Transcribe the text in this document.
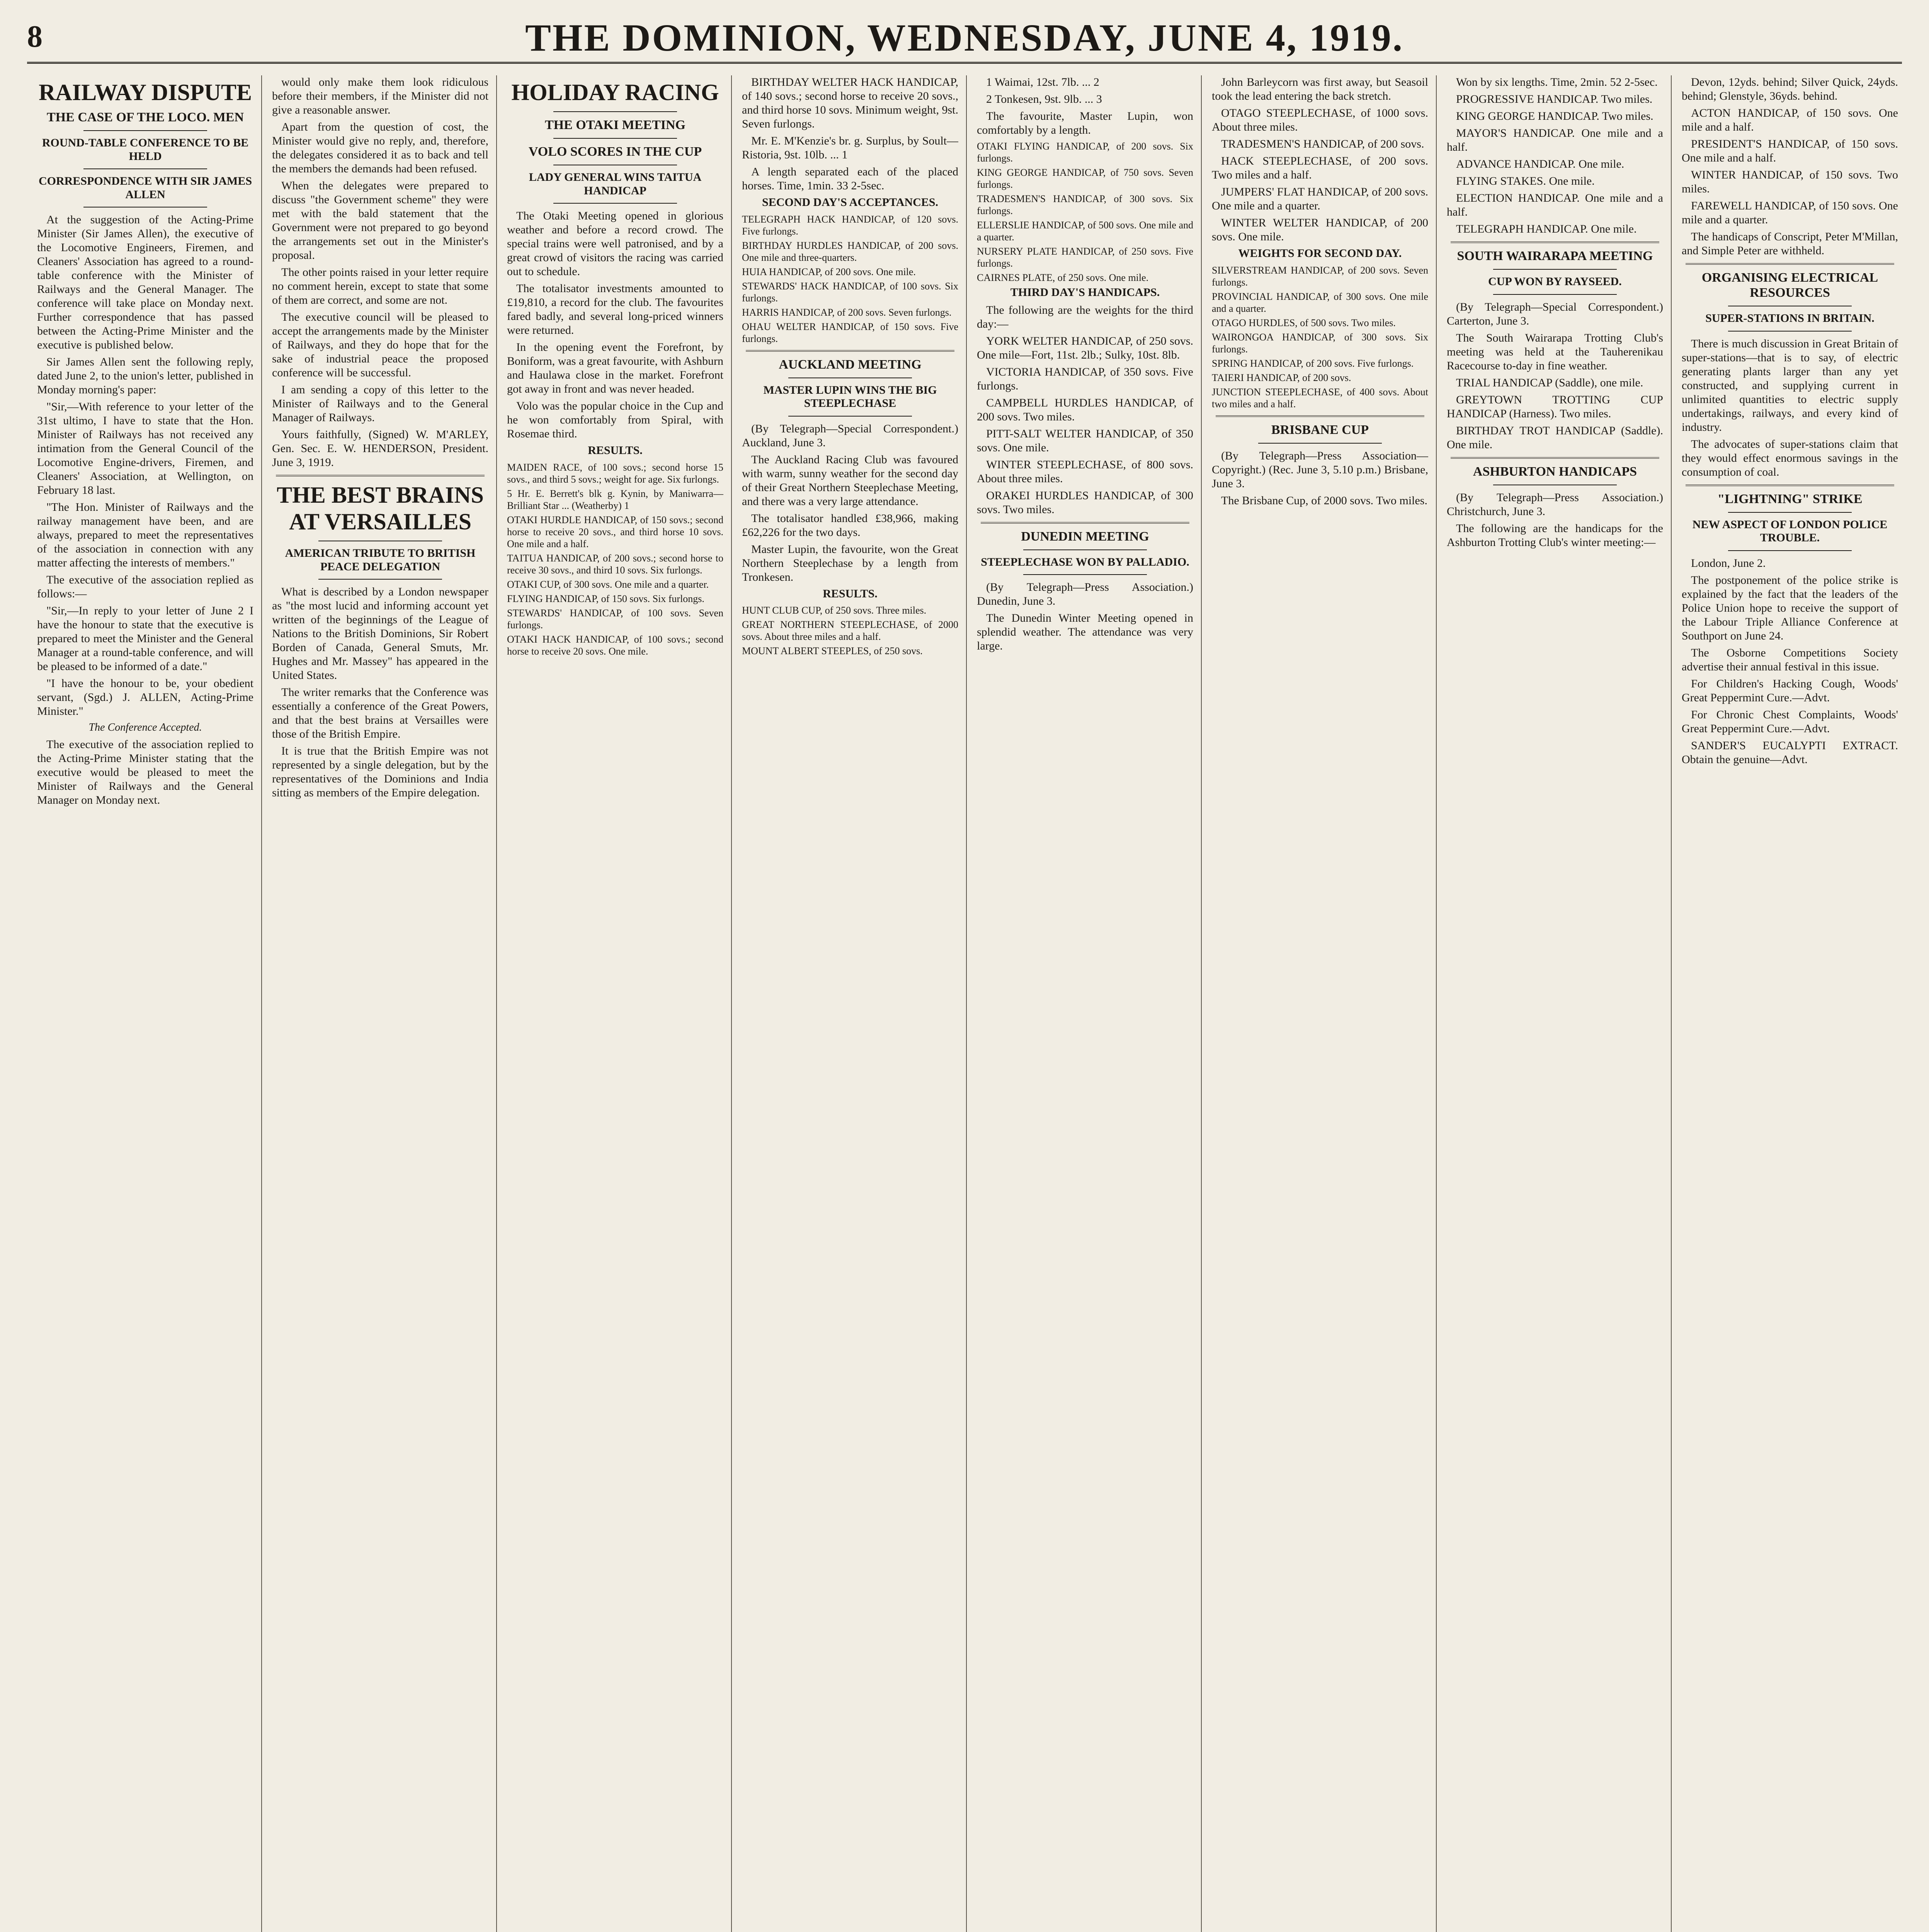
8	THE DOMINION, WEDNESDAY, JUNE 4, 1919.
RAILWAY DISPUTE
THE CASE OF THE LOCO. MEN
ROUND-TABLE CONFERENCE TO BE HELD
CORRESPONDENCE WITH SIR JAMES ALLEN

At the suggestion of the Acting-Prime Minister (Sir James Allen), the executive of the Locomotive Engineers, Firemen, and Cleaners' Association has agreed to a round-table conference with the Minister of Railways and the General Manager. The conference will take place on Monday next. Further correspondence that has passed between the Acting-Prime Minister and the executive is published below.

Sir James Allen sent the following reply, dated June 2, to the union's letter, published in Monday morning's paper:

"Sir,—With reference to your letter of the 31st ultimo, I have to state that the Hon. Minister of Railways has not received any intimation from the General Council of the Locomotive Engine-drivers, Firemen, and Cleaners' Association, at Wellington, on February 18 last.

"The Hon. Minister of Railways and the railway management have been, and are always, prepared to meet the representatives of the association in connection with any matter affecting the interests of members."

The executive of the association replied as follows:—

"Sir,—In reply to your letter of June 2 I have the honour to state that the executive is prepared to meet the Minister and the General Manager at a round-table conference, and will be pleased to be informed of a date."

"I have the honour to be, your obedient servant, (Sgd.) J. ALLEN, Acting-Prime Minister."

The Conference Accepted.

The executive of the association replied to the Acting-Prime Minister stating that the executive would be pleased to meet the Minister of Railways and the General Manager on Monday next.

would only make them look ridiculous before their members, if the Minister did not give a reasonable answer.

Apart from the question of cost, the Minister would give no reply, and, therefore, the delegates considered it as to back and tell the members the demands had been refused.

When the delegates were prepared to discuss "the Government scheme" they were met with the bald statement that the Government were not prepared to go beyond the arrangements set out in the Minister's proposal.

The other points raised in your letter require no comment herein, except to state that some of them are correct, and some are not.

The executive council will be pleased to accept the arrangements made by the Minister of Railways, and they do hope that for the sake of industrial peace the proposed conference will be successful.

I am sending a copy of this letter to the Minister of Railways and to the General Manager of Railways.

Yours faithfully, (Signed) W. M'ARLEY, Gen. Sec. E. W. HENDERSON, President. June 3, 1919.

THE BEST BRAINS AT VERSAILLES
AMERICAN TRIBUTE TO BRITISH PEACE DELEGATION

What is described by a London newspaper as "the most lucid and informing account yet written of the beginnings of the League of Nations to the British Dominions, Sir Robert Borden of Canada, General Smuts, Mr. Hughes and Mr. Massey" has appeared in the United States.

The writer remarks that the Conference was essentially a conference of the Great Powers, and that the best brains at Versailles were those of the British Empire.

It is true that the British Empire was not represented by a single delegation, but by the representatives of the Dominions and India sitting as members of the Empire delegation.

HOLIDAY RACING
THE OTAKI MEETING
VOLO SCORES IN THE CUP
LADY GENERAL WINS TAITUA HANDICAP

The Otaki Meeting opened in glorious weather and before a record crowd. The special trains were well patronised, and by a great crowd of visitors the racing was carried out to schedule.

The totalisator investments amounted to £19,810, a record for the club. The favourites fared badly, and several long-priced winners were returned.

In the opening event the Forefront, by Boniform, was a great favourite, with Ashburn and Haulawa close in the market. Forefront got away in front and was never headed.

Volo was the popular choice in the Cup and he won comfortably from Spiral, with Rosemae third.

RESULTS.
MAIDEN RACE, of 100 sovs.; second horse 15 sovs., and third 5 sovs.; weight for age. Six furlongs.
5 Hr. E. Berrett's blk g. Kynin, by Maniwarra—Brilliant Star ... (Weatherby) 1
OTAKI HURDLE HANDICAP, of 150 sovs.; second horse to receive 20 sovs., and third horse 10 sovs. One mile and a half.
TAITUA HANDICAP, of 200 sovs.; second horse to receive 30 sovs., and third 10 sovs. Six furlongs.
OTAKI CUP, of 300 sovs. One mile and a quarter.
FLYING HANDICAP, of 150 sovs. Six furlongs.
STEWARDS' HANDICAP, of 100 sovs. Seven furlongs.
OTAKI HACK HANDICAP, of 100 sovs.; second horse to receive 20 sovs. One mile.

BIRTHDAY WELTER HACK HANDICAP, of 140 sovs.; second horse to receive 20 sovs., and third horse 10 sovs. Minimum weight, 9st. Seven furlongs.

Mr. E. M'Kenzie's br. g. Surplus, by Soult—Ristoria, 9st. 10lb. ... 1

A length separated each of the placed horses. Time, 1min. 33 2-5sec.

SECOND DAY'S ACCEPTANCES.
TELEGRAPH HACK HANDICAP, of 120 sovs. Five furlongs.
BIRTHDAY HURDLES HANDICAP, of 200 sovs. One mile and three-quarters.
HUIA HANDICAP, of 200 sovs. One mile.
STEWARDS' HACK HANDICAP, of 100 sovs. Six furlongs.
HARRIS HANDICAP, of 200 sovs. Seven furlongs.
OHAU WELTER HANDICAP, of 150 sovs. Five furlongs.
AUCKLAND MEETING
MASTER LUPIN WINS THE BIG STEEPLECHASE

(By Telegraph—Special Correspondent.) Auckland, June 3.

The Auckland Racing Club was favoured with warm, sunny weather for the second day of their Great Northern Steeplechase Meeting, and there was a very large attendance.

The totalisator handled £38,966, making £62,226 for the two days.

Master Lupin, the favourite, won the Great Northern Steeplechase by a length from Tronkesen.

RESULTS.
HUNT CLUB CUP, of 250 sovs. Three miles.
GREAT NORTHERN STEEPLECHASE, of 2000 sovs. About three miles and a half.
MOUNT ALBERT STEEPLES, of 250 sovs.

1 Waimai, 12st. 7lb. ... 2

2 Tonkesen, 9st. 9lb. ... 3

The favourite, Master Lupin, won comfortably by a length.

OTAKI FLYING HANDICAP, of 200 sovs. Six furlongs.
KING GEORGE HANDICAP, of 750 sovs. Seven furlongs.
TRADESMEN'S HANDICAP, of 300 sovs. Six furlongs.
ELLERSLIE HANDICAP, of 500 sovs. One mile and a quarter.
NURSERY PLATE HANDICAP, of 250 sovs. Five furlongs.
CAIRNES PLATE, of 250 sovs. One mile.
THIRD DAY'S HANDICAPS.

The following are the weights for the third day:—

YORK WELTER HANDICAP, of 250 sovs. One mile—Fort, 11st. 2lb.; Sulky, 10st. 8lb.

VICTORIA HANDICAP, of 350 sovs. Five furlongs.

CAMPBELL HURDLES HANDICAP, of 200 sovs. Two miles.

PITT-SALT WELTER HANDICAP, of 350 sovs. One mile.

WINTER STEEPLECHASE, of 800 sovs. About three miles.

ORAKEI HURDLES HANDICAP, of 300 sovs. Two miles.

DUNEDIN MEETING
STEEPLECHASE WON BY PALLADIO.

(By Telegraph—Press Association.) Dunedin, June 3.

The Dunedin Winter Meeting opened in splendid weather. The attendance was very large.

John Barleycorn was first away, but Seasoil took the lead entering the back stretch.

OTAGO STEEPLECHASE, of 1000 sovs. About three miles.

TRADESMEN'S HANDICAP, of 200 sovs.

HACK STEEPLECHASE, of 200 sovs. Two miles and a half.

JUMPERS' FLAT HANDICAP, of 200 sovs. One mile and a quarter.

WINTER WELTER HANDICAP, of 200 sovs. One mile.

WEIGHTS FOR SECOND DAY.
SILVERSTREAM HANDICAP, of 200 sovs. Seven furlongs.
PROVINCIAL HANDICAP, of 300 sovs. One mile and a quarter.
OTAGO HURDLES, of 500 sovs. Two miles.
WAIRONGOA HANDICAP, of 300 sovs. Six furlongs.
SPRING HANDICAP, of 200 sovs. Five furlongs.
TAIERI HANDICAP, of 200 sovs.
JUNCTION STEEPLECHASE, of 400 sovs. About two miles and a half.
BRISBANE CUP

(By Telegraph—Press Association—Copyright.) (Rec. June 3, 5.10 p.m.) Brisbane, June 3.

The Brisbane Cup, of 2000 sovs. Two miles.

Won by six lengths. Time, 2min. 52 2-5sec.

PROGRESSIVE HANDICAP. Two miles.

KING GEORGE HANDICAP. Two miles.

MAYOR'S HANDICAP. One mile and a half.

ADVANCE HANDICAP. One mile.

FLYING STAKES. One mile.

ELECTION HANDICAP. One mile and a half.

TELEGRAPH HANDICAP. One mile.

SOUTH WAIRARAPA MEETING
CUP WON BY RAYSEED.

(By Telegraph—Special Correspondent.) Carterton, June 3.

The South Wairarapa Trotting Club's meeting was held at the Tauherenikau Racecourse to-day in fine weather.

TRIAL HANDICAP (Saddle), one mile.

GREYTOWN TROTTING CUP HANDICAP (Harness). Two miles.

BIRTHDAY TROT HANDICAP (Saddle). One mile.

ASHBURTON HANDICAPS

(By Telegraph—Press Association.) Christchurch, June 3.

The following are the handicaps for the Ashburton Trotting Club's winter meeting:—

Devon, 12yds. behind; Silver Quick, 24yds. behind; Glenstyle, 36yds. behind.

ACTON HANDICAP, of 150 sovs. One mile and a half.

PRESIDENT'S HANDICAP, of 150 sovs. One mile and a half.

WINTER HANDICAP, of 150 sovs. Two miles.

FAREWELL HANDICAP, of 150 sovs. One mile and a quarter.

The handicaps of Conscript, Peter M'Millan, and Simple Peter are withheld.

ORGANISING ELECTRICAL RESOURCES
SUPER-STATIONS IN BRITAIN.

There is much discussion in Great Britain of super-stations—that is to say, of electric generating plants larger than any yet constructed, and supplying current in unlimited quantities to electric supply undertakings, railways, and every kind of industry.

The advocates of super-stations claim that they would effect enormous savings in the consumption of coal.

"LIGHTNING" STRIKE
NEW ASPECT OF LONDON POLICE TROUBLE.

London, June 2.

The postponement of the police strike is explained by the fact that the leaders of the Police Union hope to receive the support of the Labour Triple Alliance Conference at Southport on June 24.

The Osborne Competitions Society advertise their annual festival in this issue.

For Children's Hacking Cough, Woods' Great Peppermint Cure.—Advt.

For Chronic Chest Complaints, Woods' Great Peppermint Cure.—Advt.

SANDER'S EUCALYPTI EXTRACT. Obtain the genuine—Advt.
